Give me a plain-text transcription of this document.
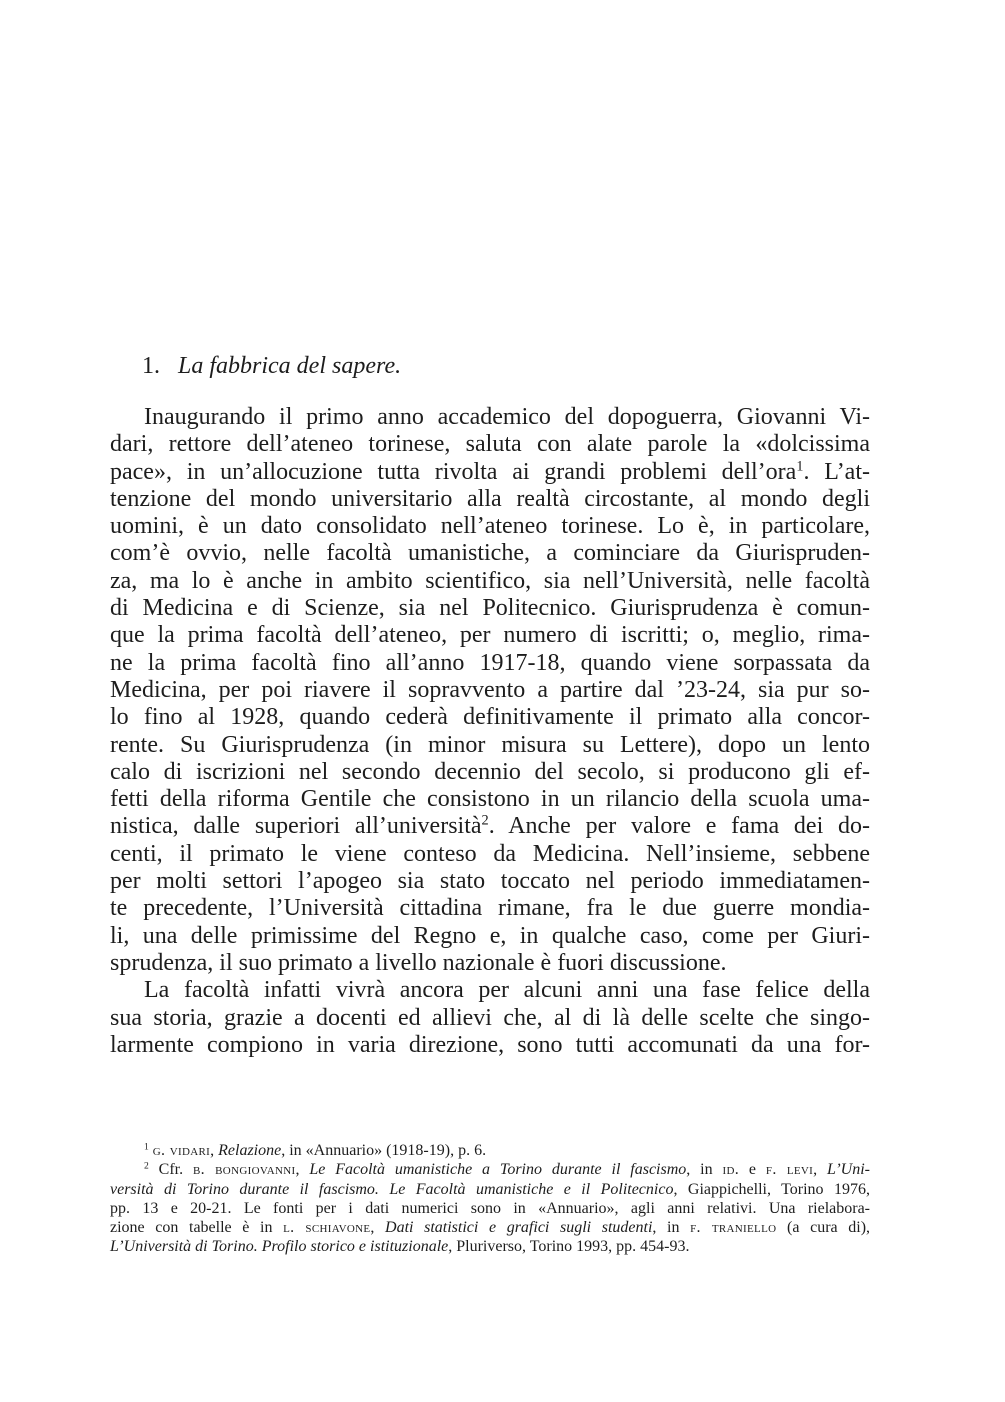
1. La fabbrica del sapere.
Inaugurando il primo anno accademico del dopoguerra, Giovanni Vi-
dari, rettore dell’ateneo torinese, saluta con alate parole la «dolcissima
pace», in un’allocuzione tutta rivolta ai grandi problemi dell’ora$^1$. L’at-
tenzione del mondo universitario alla realtà circostante, al mondo degli
uomini, è un dato consolidato nell’ateneo torinese. Lo è, in particolare,
com’è ovvio, nelle facoltà umanistiche, a cominciare da Giurispruden-
za, ma lo è anche in ambito scientifico, sia nell’Università, nelle facoltà
di Medicina e di Scienze, sia nel Politecnico. Giurisprudenza è comun-
que la prima facoltà dell’ateneo, per numero di iscritti; o, meglio, rima-
ne la prima facoltà fino all’anno 1917-18, quando viene sorpassata da
Medicina, per poi riavere il sopravvento a partire dal ’23-24, sia pur so-
lo fino al 1928, quando cederà definitivamente il primato alla concor-
rente. Su Giurisprudenza (in minor misura su Lettere), dopo un lento
calo di iscrizioni nel secondo decennio del secolo, si producono gli ef-
fetti della riforma Gentile che consistono in un rilancio della scuola uma-
nistica, dalle superiori all’università$^2$. Anche per valore e fama dei do-
centi, il primato le viene conteso da Medicina. Nell’insieme, sebbene
per molti settori l’apogeo sia stato toccato nel periodo immediatamen-
te precedente, l’Università cittadina rimane, fra le due guerre mondia-
li, una delle primissime del Regno e, in qualche caso, come per Giuri-
sprudenza, il suo primato a livello nazionale è fuori discussione.
La facoltà infatti vivrà ancora per alcuni anni una fase felice della
sua storia, grazie a docenti ed allievi che, al di là delle scelte che singo-
larmente compiono in varia direzione, sono tutti accomunati da una for-
$^1$ g. vidari, Relazione, in «Annuario» (1918-19), p. 6.
$^2$ Cfr. b. bongiovanni, Le Facoltà umanistiche a Torino durante il fascismo, in id. e f. levi, L’Uni-
versità di Torino durante il fascismo. Le Facoltà umanistiche e il Politecnico, Giappichelli, Torino 1976,
pp. 13 e 20-21. Le fonti per i dati numerici sono in «Annuario», agli anni relativi. Una rielabora-
zione con tabelle è in l. schiavone, Dati statistici e grafici sugli studenti, in f. traniello (a cura di),
L’Università di Torino. Profilo storico e istituzionale, Pluriverso, Torino 1993, pp. 454-93.
